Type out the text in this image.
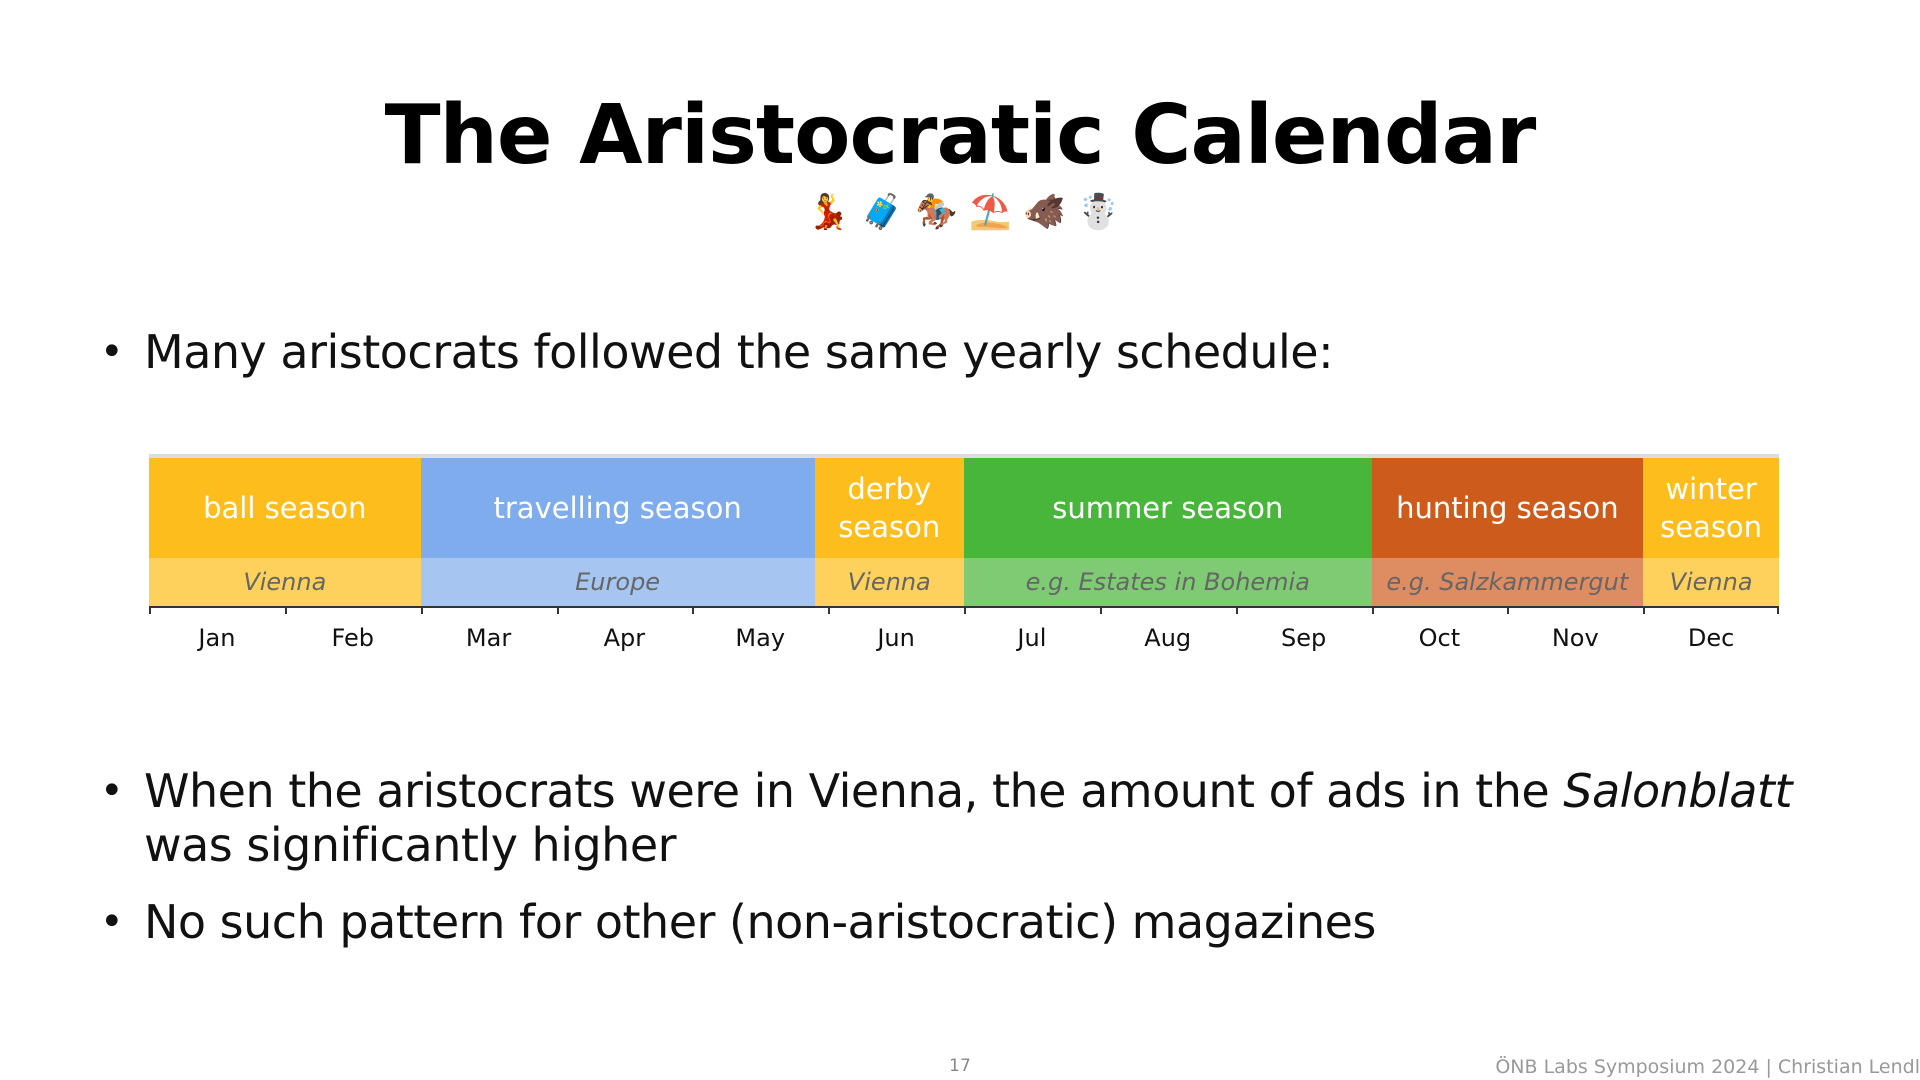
The Aristocratic Calendar
💃 🧳 🏇 ⛱️ 🐗 ☃️
• Many aristocrats followed the same yearly schedule:
ball season
Vienna
travelling season
Europe
derby
season
Vienna
summer season
e.g. Estates in Bohemia
hunting season
e.g. Salzkammergut
winter season
Vienna
Jan	Feb	Mar	Apr	May	Jun	Jul	Aug	Sep	Oct	Nov	Dec
• When the aristocrats were in Vienna, the amount of ads in the Salonblatt was significantly higher
• No such pattern for other (non-aristocratic) magazines
17	ÖNB Labs Symposium 2024 | Christian Lendl
